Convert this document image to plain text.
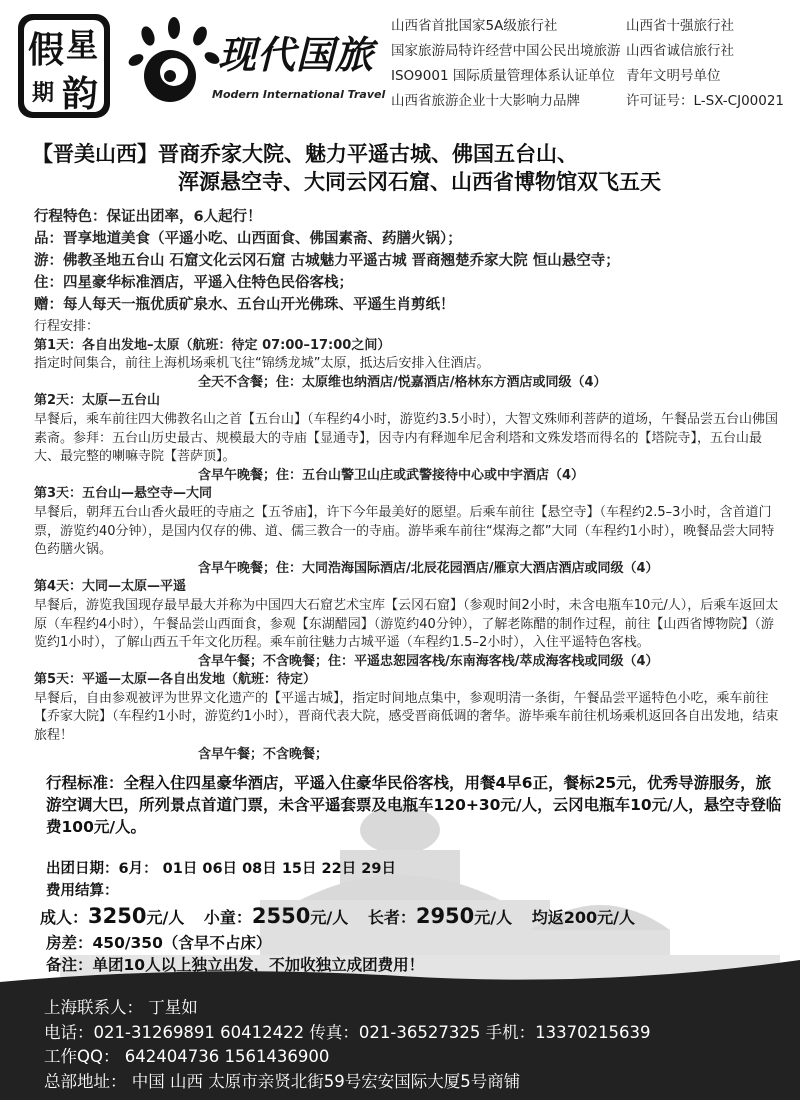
假 星
期 韵
现代国旅
Modern International Travel
山西省首批国家5A级旅行社
国家旅游局特许经营中国公民出境旅游
ISO9001 国际质量管理体系认证单位
山西省旅游企业十大影响力品牌
山西省十强旅行社
山西省诚信旅行社
青年文明号单位
许可证号：L-SX-CJ00021
【晋美山西】晋商乔家大院、魅力平遥古城、佛国五台山、
浑源悬空寺、大同云冈石窟、山西省博物馆双飞五天
行程特色：保证出团率，6人起行！
品：晋享地道美食（平遥小吃、山西面食、佛国素斋、药膳火锅）；
游：佛教圣地五台山 石窟文化云冈石窟 古城魅力平遥古城 晋商翘楚乔家大院 恒山悬空寺；
住：四星豪华标准酒店，平遥入住特色民俗客栈；
赠：每人每天一瓶优质矿泉水、五台山开光佛珠、平遥生肖剪纸！
行程安排：
第1天：各自出发地–太原（航班：待定 07:00–17:00之间）
指定时间集合，前往上海机场乘机飞往“锦绣龙城”太原，抵达后安排入住酒店。
全天不含餐；住：太原维也纳酒店/悦嘉酒店/格林东方酒店或同级（4）
第2天：太原—五台山
早餐后，乘车前往四大佛教名山之首【五台山】（车程约4小时，游览约3.5小时），大智文殊师利菩萨的道场，午餐品尝五台山佛国素斋。参拜：五台山历史最古、规模最大的寺庙【显通寺】，因寺内有释迦牟尼舍利塔和文殊发塔而得名的【塔院寺】，五台山最大、最完整的喇嘛寺院【菩萨顶】。
含早午晚餐；住：五台山警卫山庄或武警接待中心或中宇酒店（4）
第3天：五台山—悬空寺—大同
早餐后，朝拜五台山香火最旺的寺庙之【五爷庙】，许下今年最美好的愿望。后乘车前往【悬空寺】（车程约2.5–3小时，含首道门票，游览约40分钟），是国内仅存的佛、道、儒三教合一的寺庙。游毕乘车前往“煤海之都”大同（车程约1小时），晚餐品尝大同特色药膳火锅。
含早午晚餐；住：大同浩海国际酒店/北辰花园酒店/雁京大酒店酒店或同级（4）
第4天：大同—太原—平遥
早餐后，游览我国现存最早最大并称为中国四大石窟艺术宝库【云冈石窟】（参观时间2小时，未含电瓶车10元/人），后乘车返回太原（车程约4小时），午餐品尝山西面食，参观【东湖醋园】（游览约40分钟），了解老陈醋的制作过程，前往【山西省博物院】（游览约1小时），了解山西五千年文化历程。乘车前往魅力古城平遥（车程约1.5–2小时），入住平遥特色客栈。
含早午餐；不含晚餐；住：平遥忠恕园客栈/东南海客栈/萃成海客栈或同级（4）
第5天：平遥—太原—各自出发地（航班：待定）
早餐后，自由参观被评为世界文化遗产的【平遥古城】，指定时间地点集中，参观明清一条街，午餐品尝平遥特色小吃，乘车前往【乔家大院】（车程约1小时，游览约1小时），晋商代表大院，感受晋商低调的奢华。游毕乘车前往机场乘机返回各自出发地，结束旅程！
含早午餐；不含晚餐；
行程标准：全程入住四星豪华酒店，平遥入住豪华民俗客栈，用餐4早6正，餐标25元，优秀导游服务，旅游空调大巴，所列景点首道门票，未含平遥套票及电瓶车120+30元/人，云冈电瓶车10元/人，悬空寺登临费100元/人。
出团日期：6月： 01日 06日 08日 15日 22日 29日
费用结算：
成人：3250元/人 小童：2550元/人 长者：2950元/人 均返200元/人
房差：450/350（含早不占床）
备注：单团10人以上独立出发，不加收独立成团费用！
上海联系人： 丁星如
电话：021-31269891 60412422 传真：021-36527325 手机：13370215639
工作QQ： 642404736 1561436900
总部地址： 中国 山西 太原市亲贤北街59号宏安国际大厦5号商铺
